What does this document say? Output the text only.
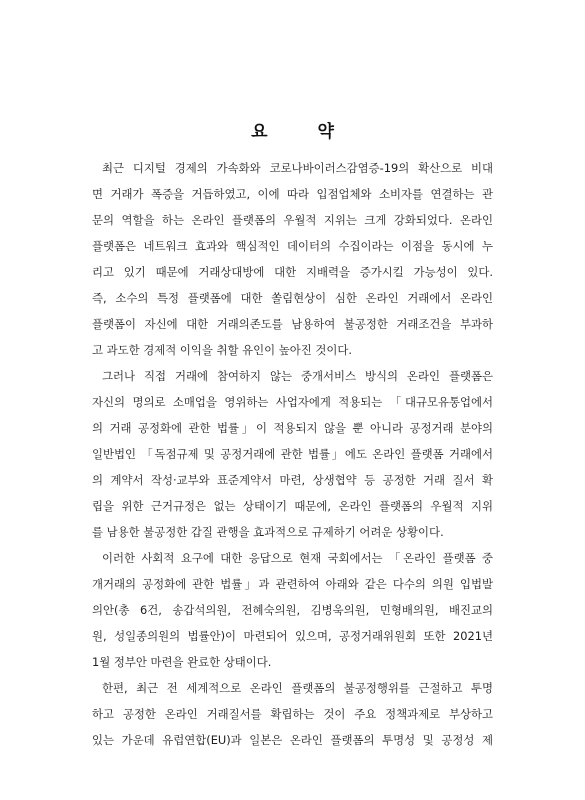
요 약
최근 디지털 경제의 가속화와 코로나바이러스감염증-19의 확산으로 비대
면 거래가 폭증을 거듭하였고, 이에 따라 입점업체와 소비자를 연결하는 관
문의 역할을 하는 온라인 플랫폼의 우월적 지위는 크게 강화되었다. 온라인
플랫폼은 네트워크 효과와 핵심적인 데이터의 수집이라는 이점을 동시에 누
리고 있기 때문에 거래상대방에 대한 지배력을 증가시킬 가능성이 있다.
즉, 소수의 특정 플랫폼에 대한 쏠림현상이 심한 온라인 거래에서 온라인
플랫폼이 자신에 대한 거래의존도를 남용하여 불공정한 거래조건을 부과하
고 과도한 경제적 이익을 취할 유인이 높아진 것이다.
그러나 직접 거래에 참여하지 않는 중개서비스 방식의 온라인 플랫폼은
자신의 명의로 소매업을 영위하는 사업자에게 적용되는 「대규모유통업에서
의 거래 공정화에 관한 법률」이 적용되지 않을 뿐 아니라 공정거래 분야의
일반법인 「독점규제 및 공정거래에 관한 법률」에도 온라인 플랫폼 거래에서
의 계약서 작성·교부와 표준계약서 마련, 상생협약 등 공정한 거래 질서 확
립을 위한 근거규정은 없는 상태이기 때문에, 온라인 플랫폼의 우월적 지위
를 남용한 불공정한 갑질 관행을 효과적으로 규제하기 어려운 상황이다.
이러한 사회적 요구에 대한 응답으로 현재 국회에서는 「온라인 플랫폼 중
개거래의 공정화에 관한 법률」과 관련하여 아래와 같은 다수의 의원 입법발
의안(총 6건, 송갑석의원, 전혜숙의원, 김병욱의원, 민형배의원, 배진교의
원, 성일종의원의 법률안)이 마련되어 있으며, 공정거래위원회 또한 2021년
1월 정부안 마련을 완료한 상태이다.
한편, 최근 전 세계적으로 온라인 플랫폼의 불공정행위를 근절하고 투명
하고 공정한 온라인 거래질서를 확립하는 것이 주요 정책과제로 부상하고
있는 가운데 유럽연합(EU)과 일본은 온라인 플랫폼의 투명성 및 공정성 제
